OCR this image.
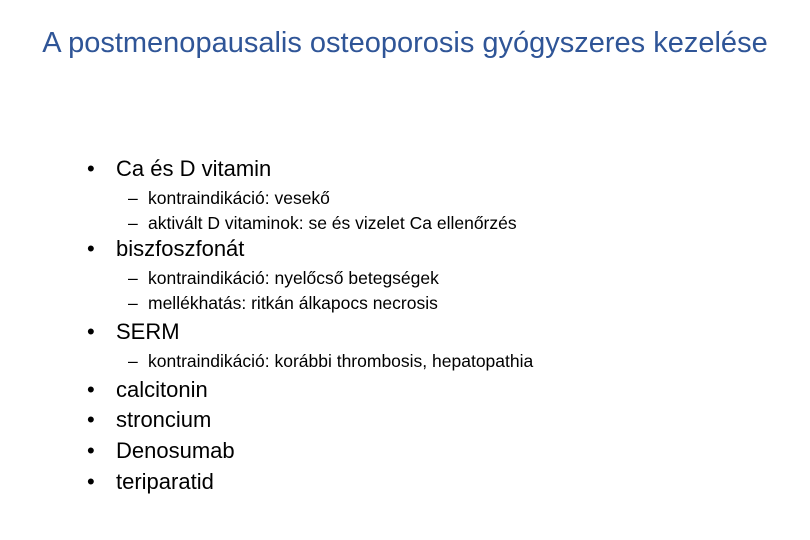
A postmenopausalis osteoporosis gyógyszeres kezelése
• Ca és D vitamin
– kontraindikáció: vesekő
– aktivált D vitaminok: se és vizelet Ca ellenőrzés
• biszfoszfonát
– kontraindikáció: nyelőcső betegségek
– mellékhatás: ritkán álkapocs necrosis
• SERM
– kontraindikáció: korábbi thrombosis, hepatopathia
• calcitonin
• stroncium
• Denosumab
• teriparatid
